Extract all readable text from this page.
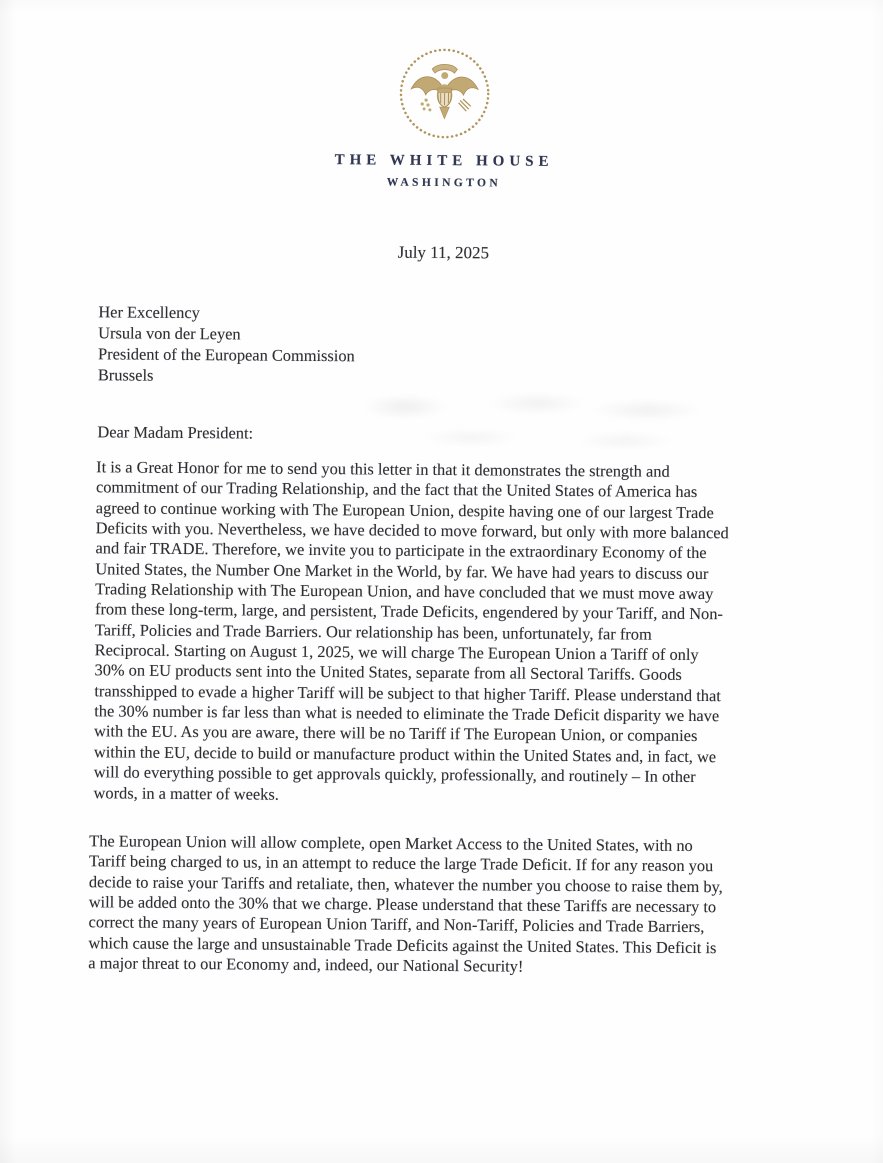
THE WHITE HOUSE
WASHINGTON
July 11, 2025
Her Excellency
Ursula von der Leyen
President of the European Commission
Brussels
Dear Madam President:

It is a Great Honor for me to send you this letter in that it demonstrates the strength and
commitment of our Trading Relationship, and the fact that the United States of America has
agreed to continue working with The European Union, despite having one of our largest Trade
Deficits with you. Nevertheless, we have decided to move forward, but only with more balanced
and fair TRADE. Therefore, we invite you to participate in the extraordinary Economy of the
United States, the Number One Market in the World, by far. We have had years to discuss our
Trading Relationship with The European Union, and have concluded that we must move away
from these long-term, large, and persistent, Trade Deficits, engendered by your Tariff, and Non-
Tariff, Policies and Trade Barriers. Our relationship has been, unfortunately, far from
Reciprocal. Starting on August 1, 2025, we will charge The European Union a Tariff of only
30% on EU products sent into the United States, separate from all Sectoral Tariffs. Goods
transshipped to evade a higher Tariff will be subject to that higher Tariff. Please understand that
the 30% number is far less than what is needed to eliminate the Trade Deficit disparity we have
with the EU. As you are aware, there will be no Tariff if The European Union, or companies
within the EU, decide to build or manufacture product within the United States and, in fact, we
will do everything possible to get approvals quickly, professionally, and routinely – In other
words, in a matter of weeks.

The European Union will allow complete, open Market Access to the United States, with no
Tariff being charged to us, in an attempt to reduce the large Trade Deficit. If for any reason you
decide to raise your Tariffs and retaliate, then, whatever the number you choose to raise them by,
will be added onto the 30% that we charge. Please understand that these Tariffs are necessary to
correct the many years of European Union Tariff, and Non-Tariff, Policies and Trade Barriers,
which cause the large and unsustainable Trade Deficits against the United States. This Deficit is
a major threat to our Economy and, indeed, our National Security!
